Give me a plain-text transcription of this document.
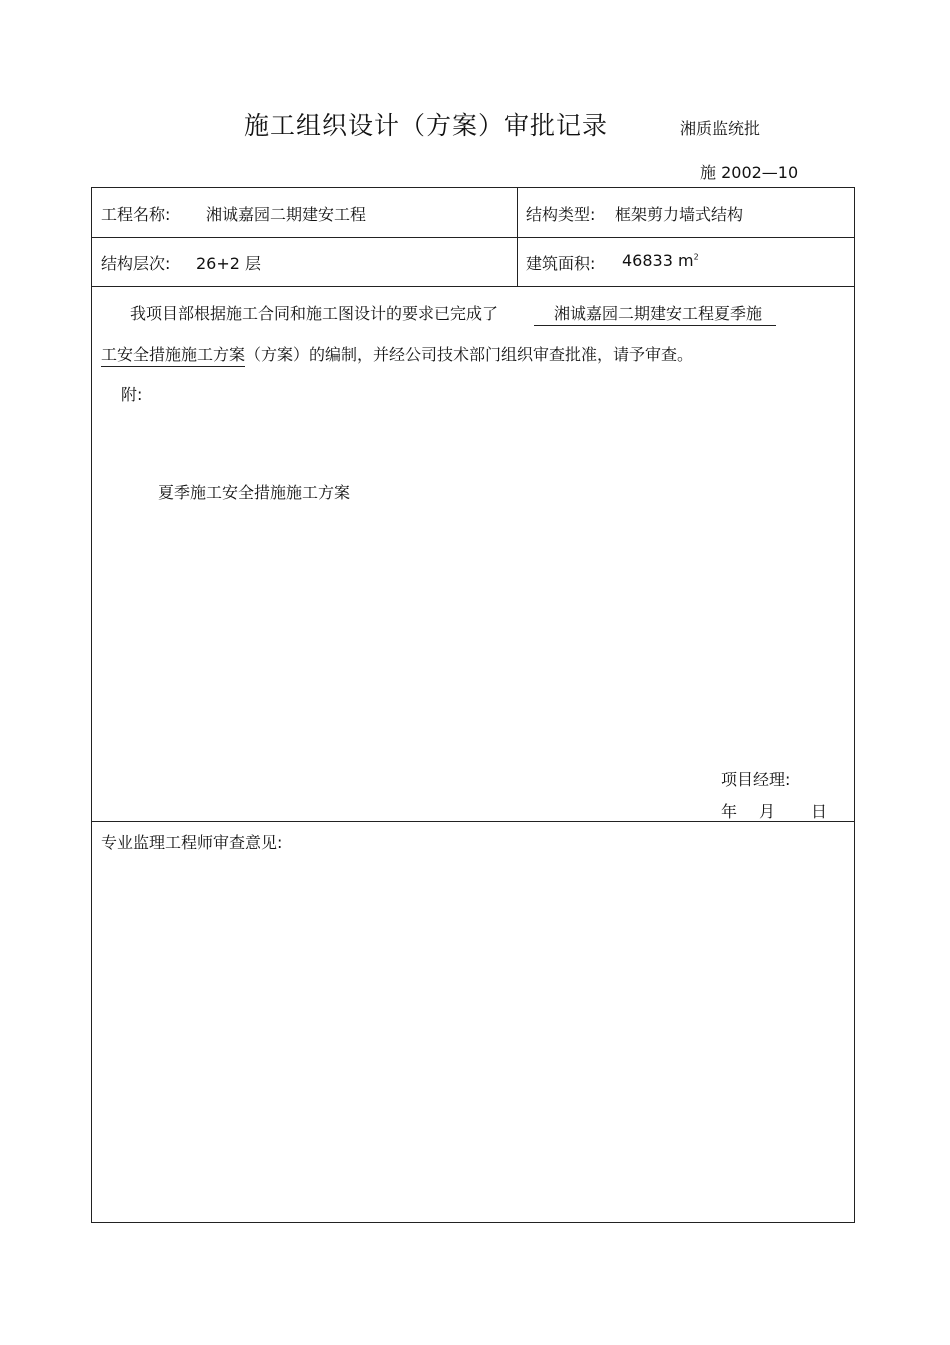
施工组织设计（方案）审批记录	湘质监统批
施 2002—10
工程名称: 湘诚嘉园二期建安工程	结构类型: 框架剪力墙式结构
结构层次: 26+2 层	建筑面积: 46833 $m^2$
我项目部根据施工合同和施工图设计的要求已完成了	湘诚嘉园二期建安工程夏季施
工安全措施施工方案（方案）的编制，并经公司技术部门组织审查批准，请予审查。
附:
夏季施工安全措施施工方案
项目经理:
年 月 日
专业监理工程师审查意见:
